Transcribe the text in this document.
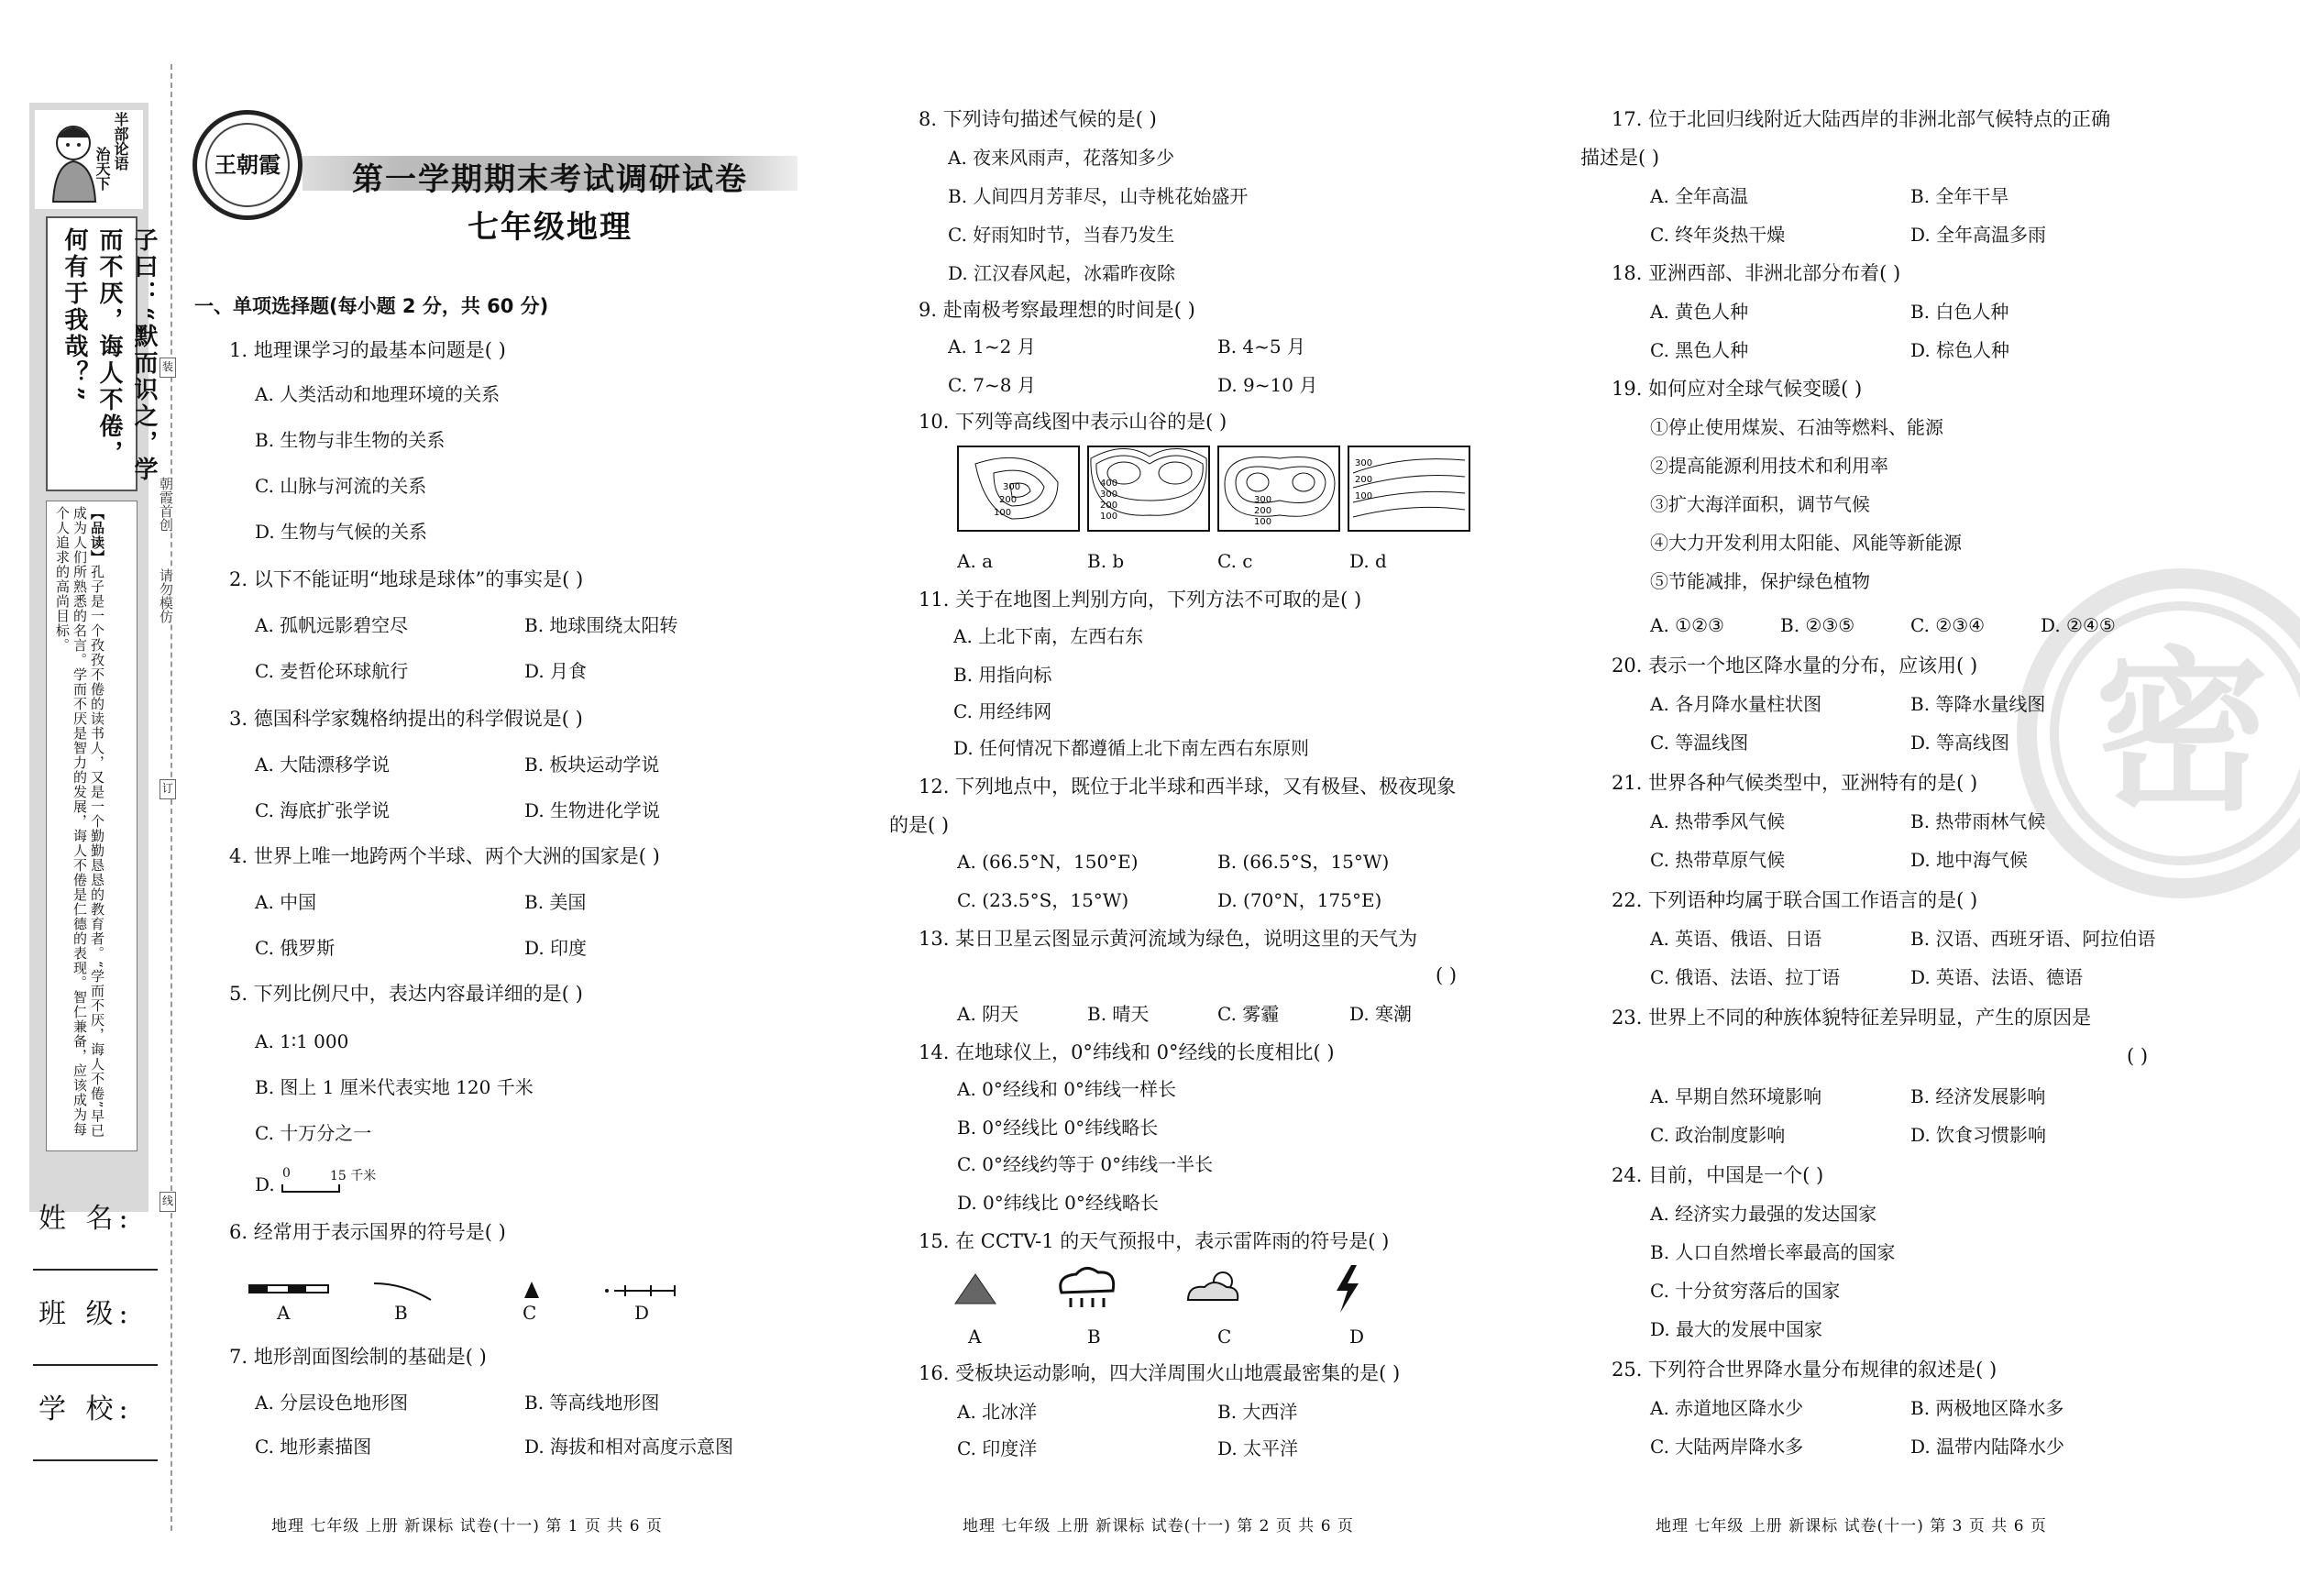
半部论语
治天下
子曰：“默而识之，学而不厌，诲人不倦，何有于我哉？”
【品读】孔子是一个孜孜不倦的读书人，又是一个勤勤恳恳的教育者。“学而不厌，诲人不倦”早已成为人们所熟悉的名言。学而不厌是智力的发展，诲人不倦是仁德的表现。智仁兼备，应该成为每个人追求的高尚目标。
姓 名:
班 级:
学 校:
装
朝霞首创
请勿模仿
订
线
王朝霞	第一学期期末考试调研试卷
七年级地理
一、单项选择题(每小题 2 分，共 60 分)
1. 地理课学习的最基本问题是( )
A. 人类活动和地理环境的关系
B. 生物与非生物的关系
C. 山脉与河流的关系
D. 生物与气候的关系
2. 以下不能证明“地球是球体”的事实是( )
A. 孤帆远影碧空尽	B. 地球围绕太阳转
C. 麦哲伦环球航行	D. 月食
3. 德国科学家魏格纳提出的科学假说是( )
A. 大陆漂移学说	B. 板块运动学说
C. 海底扩张学说	D. 生物进化学说
4. 世界上唯一地跨两个半球、两个大洲的国家是( )
A. 中国	B. 美国
C. 俄罗斯	D. 印度
5. 下列比例尺中，表达内容最详细的是( )
A. 1∶1 000
B. 图上 1 厘米代表实地 120 千米
C. 十万分之一
D. 0	15 千米
6. 经常用于表示国界的符号是( )
A	B	C	D
7. 地形剖面图绘制的基础是( )
A. 分层设色地形图	B. 等高线地形图
C. 地形素描图	D. 海拔和相对高度示意图
地理 七年级 上册 新课标 试卷(十一) 第 1 页 共 6 页
8. 下列诗句描述气候的是( )
A. 夜来风雨声，花落知多少
B. 人间四月芳菲尽，山寺桃花始盛开
C. 好雨知时节，当春乃发生
D. 江汉春风起，冰霜昨夜除
9. 赴南极考察最理想的时间是( )
A. 1~2 月	B. 4~5 月
C. 7~8 月	D. 9~10 月
10. 下列等高线图中表示山谷的是( )
300
200
100
400
300
200
100
300
200
100
300
200
100
A. a	B. b	C. c	D. d
11. 关于在地图上判别方向，下列方法不可取的是( )
A. 上北下南，左西右东
B. 用指向标
C. 用经纬网
D. 任何情况下都遵循上北下南左西右东原则
12. 下列地点中，既位于北半球和西半球，又有极昼、极夜现象
的是( )
A. (66.5°N，150°E)	B. (66.5°S，15°W)
C. (23.5°S，15°W)	D. (70°N，175°E)
13. 某日卫星云图显示黄河流域为绿色，说明这里的天气为
( )
A. 阴天	B. 晴天	C. 雾霾	D. 寒潮
14. 在地球仪上，0°纬线和 0°经线的长度相比( )
A. 0°经线和 0°纬线一样长
B. 0°经线比 0°纬线略长
C. 0°经线约等于 0°纬线一半长
D. 0°纬线比 0°经线略长
15. 在 CCTV-1 的天气预报中，表示雷阵雨的符号是( )
A	B	C	D
16. 受板块运动影响，四大洋周围火山地震最密集的是( )
A. 北冰洋	B. 大西洋
C. 印度洋	D. 太平洋
地理 七年级 上册 新课标 试卷(十一) 第 2 页 共 6 页
密
17. 位于北回归线附近大陆西岸的非洲北部气候特点的正确
描述是( )
A. 全年高温	B. 全年干旱
C. 终年炎热干燥	D. 全年高温多雨
18. 亚洲西部、非洲北部分布着( )
A. 黄色人种	B. 白色人种
C. 黑色人种	D. 棕色人种
19. 如何应对全球气候变暖( )
①停止使用煤炭、石油等燃料、能源
②提高能源利用技术和利用率
③扩大海洋面积，调节气候
④大力开发利用太阳能、风能等新能源
⑤节能减排，保护绿色植物
A. ①②③	B. ②③⑤	C. ②③④	D. ②④⑤
20. 表示一个地区降水量的分布，应该用( )
A. 各月降水量柱状图	B. 等降水量线图
C. 等温线图	D. 等高线图
21. 世界各种气候类型中，亚洲特有的是( )
A. 热带季风气候	B. 热带雨林气候
C. 热带草原气候	D. 地中海气候
22. 下列语种均属于联合国工作语言的是( )
A. 英语、俄语、日语	B. 汉语、西班牙语、阿拉伯语
C. 俄语、法语、拉丁语	D. 英语、法语、德语
23. 世界上不同的种族体貌特征差异明显，产生的原因是
( )
A. 早期自然环境影响	B. 经济发展影响
C. 政治制度影响	D. 饮食习惯影响
24. 目前，中国是一个( )
A. 经济实力最强的发达国家
B. 人口自然增长率最高的国家
C. 十分贫穷落后的国家
D. 最大的发展中国家
25. 下列符合世界降水量分布规律的叙述是( )
A. 赤道地区降水少	B. 两极地区降水多
C. 大陆两岸降水多	D. 温带内陆降水少
地理 七年级 上册 新课标 试卷(十一) 第 3 页 共 6 页
